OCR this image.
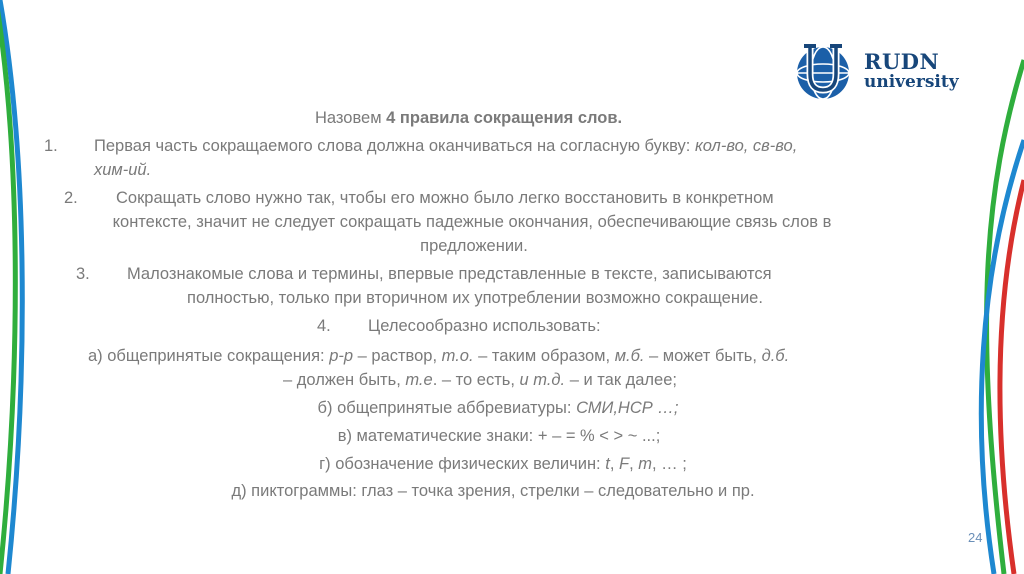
RUDN
university
Назовем 4 правила сокращения слов.
1. Первая часть сокращаемого слова должна оканчиваться на согласную букву: кол-во, св-во,
хим-ий.
2. Сокращать слово нужно так, чтобы его можно было легко восстановить в конкретном
контексте, значит не следует сокращать падежные окончания, обеспечивающие связь слов в
предложении.
3. Малознакомые слова и термины, впервые представленные в тексте, записываются
полностью, только при вторичном их употреблении возможно сокращение.
4. Целесообразно использовать:
а) общепринятые сокращения: р-р – раствор, т.о. – таким образом, м.б. – может быть, д.б.
– должен быть, т.е. – то есть, и т.д. – и так далее;
б) общепринятые аббревиатуры: СМИ,НСР …;
в) математические знаки: + – = % < > ~ ...;
г) обозначение физических величин: t, F, m, … ;
д) пиктограммы: глаз – точка зрения, стрелки – следовательно и пр.
24
